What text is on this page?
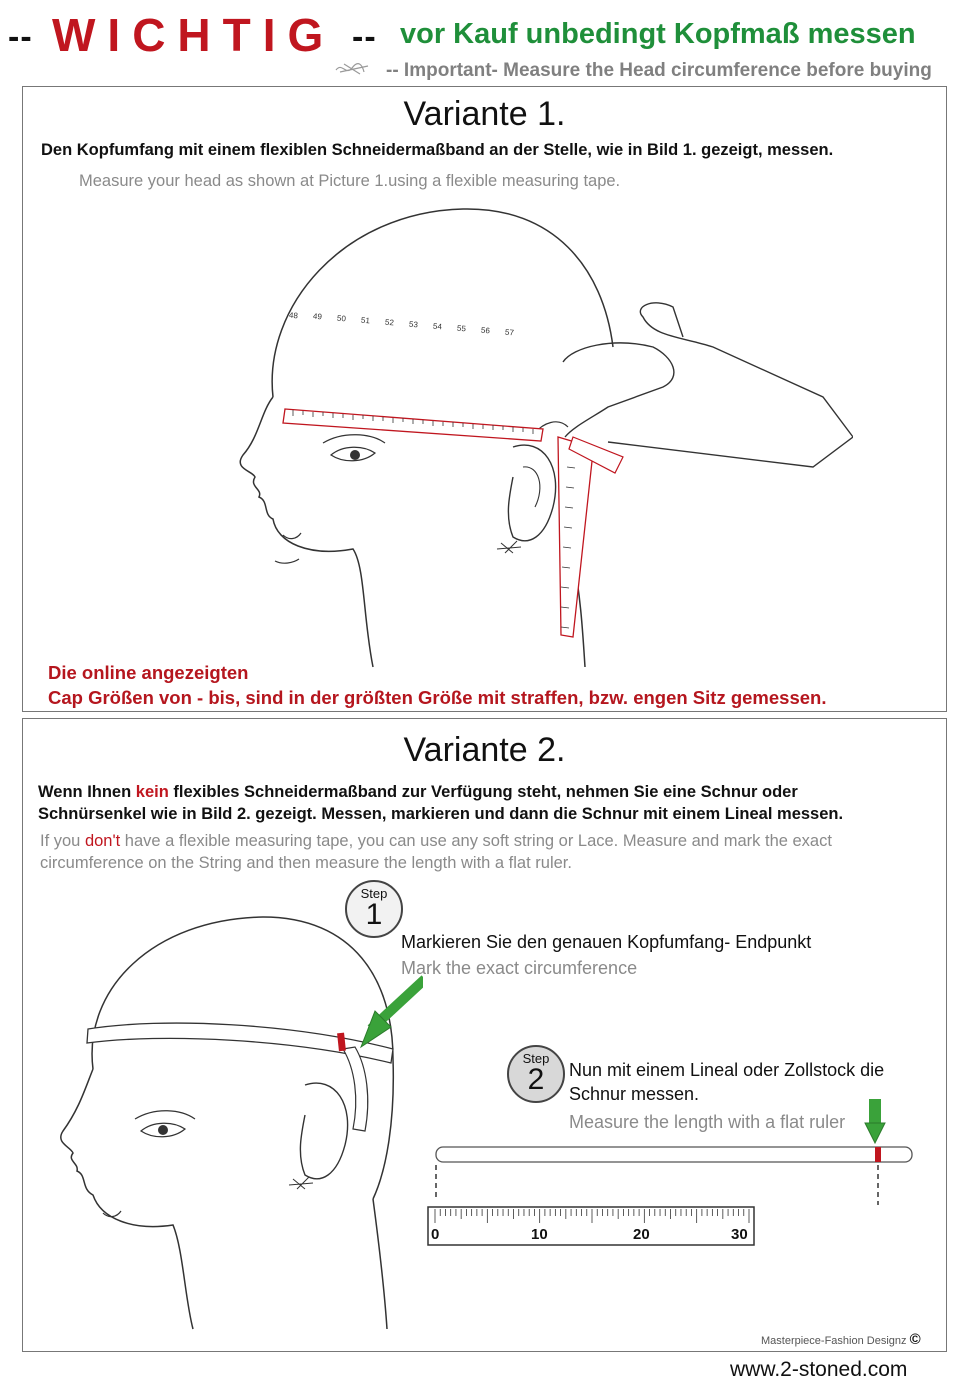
-- WICHTIG -- vor Kauf unbedingt Kopfmaß messen
-- Important- Measure the Head circumference before buying
Variante 1.
Den Kopfumfang mit einem flexiblen Schneidermaßband an der Stelle, wie in Bild 1. gezeigt, messen.
Measure your head as shown at Picture 1.using a flexible measuring tape.
48 49 50 51 52 53 54 55 56 57
Die online angezeigten
Cap Größen von - bis, sind in der größten Größe mit straffen, bzw. engen Sitz gemessen.
Variante 2.
Wenn Ihnen kein flexibles Schneidermaßband zur Verfügung steht, nehmen Sie eine Schnur oder
Schnürsenkel wie in Bild 2. gezeigt. Messen, markieren und dann die Schnur mit einem Lineal messen.
If you don't have a flexible measuring tape, you can use any soft string or Lace. Measure and mark the exact
circumference on the String and then measure the length with a flat ruler.
Step
1
Markieren Sie den genauen Kopfumfang- Endpunkt
Mark the exact circumference
Step
2	Nun mit einem Lineal oder Zollstock die
Schnur messen.
Measure the length with a flat ruler
0	10	20	30
Masterpiece-Fashion Designz ©
www.2-stoned.com
